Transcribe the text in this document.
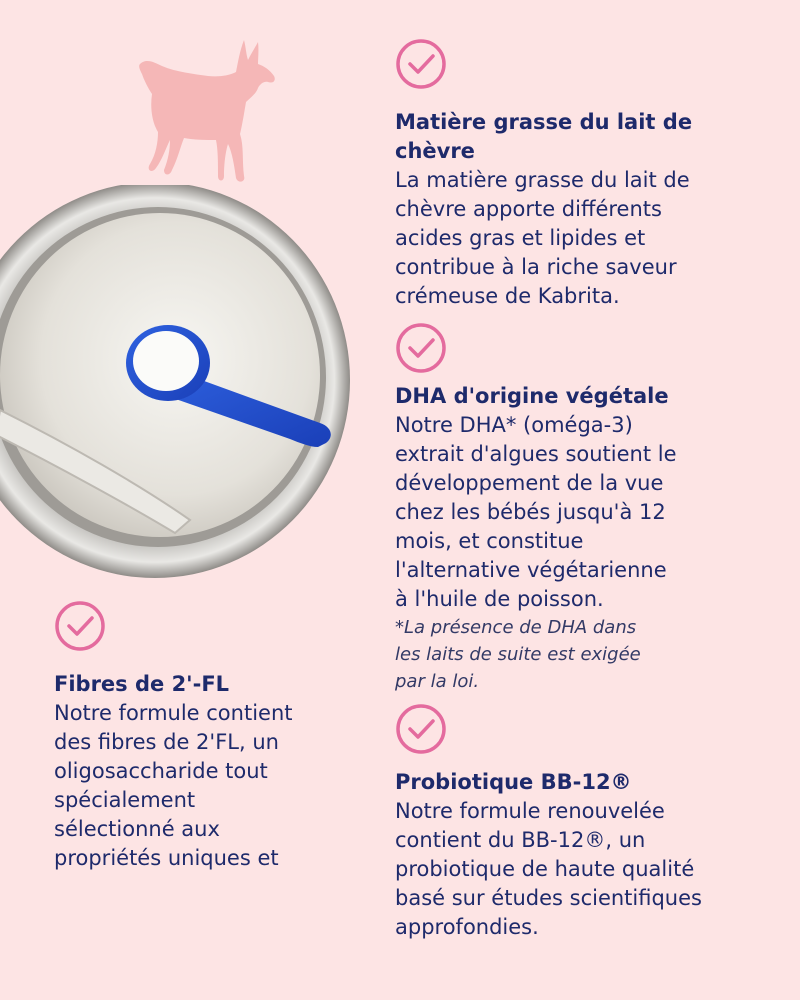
Matière grasse du lait de
chèvre

La matière grasse du lait de
chèvre apporte différents
acides gras et lipides et
contribue à la riche saveur
crémeuse de Kabrita.

DHA d'origine végétale

Notre DHA* (oméga-3)
extrait d'algues soutient le
développement de la vue
chez les bébés jusqu'à 12
mois, et constitue
l'alternative végétarienne
à l'huile de poisson.

*La présence de DHA dans
les laits de suite est exigée
par la loi.

Fibres de 2'-FL

Notre formule contient
des fibres de 2'FL, un
oligosaccharide tout
spécialement
sélectionné aux
propriétés uniques et

Probiotique BB-12®

Notre formule renouvelée
contient du BB-12®, un
probiotique de haute qualité
basé sur études scientifiques
approfondies.
